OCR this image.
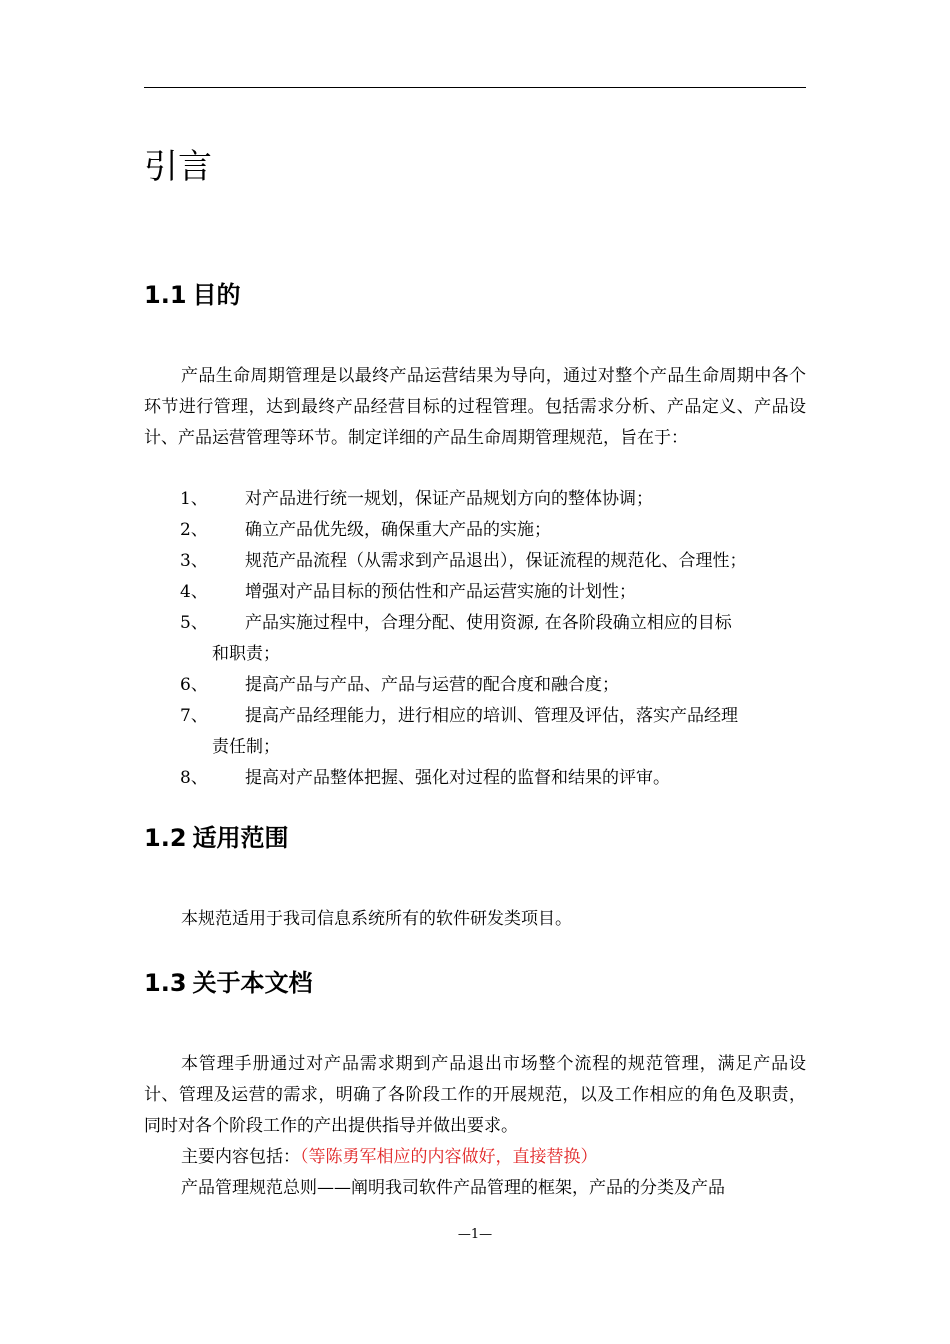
引言
1.1 目的

产品生命周期管理是以最终产品运营结果为导向，通过对整个产品生命周期中各个环节进行管理，达到最终产品经营目标的过程管理。包括需求分析、产品定义、产品设计、产品运营管理等环节。制定详细的产品生命周期管理规范，旨在于：

1、 对产品进行统一规划，保证产品规划方向的整体协调；
2、 确立产品优先级，确保重大产品的实施；
3、 规范产品流程（从需求到产品退出），保证流程的规范化、合理性；
4、 增强对产品目标的预估性和产品运营实施的计划性；
5、 产品实施过程中，合理分配、使用资源, 在各阶段确立相应的目标
和职责；
6、 提高产品与产品、产品与运营的配合度和融合度；
7、 提高产品经理能力，进行相应的培训、管理及评估，落实产品经理
责任制；
8、 提高对产品整体把握、强化对过程的监督和结果的评审。
1.2 适用范围

本规范适用于我司信息系统所有的软件研发类项目。

1.3 关于本文档

本管理手册通过对产品需求期到产品退出市场整个流程的规范管理，满足产品设计、管理及运营的需求，明确了各阶段工作的开展规范，以及工作相应的角色及职责，同时对各个阶段工作的产出提供指导并做出要求。

主要内容包括：（等陈勇军相应的内容做好，直接替换）

产品管理规范总则——阐明我司软件产品管理的框架，产品的分类及产品

—1—
